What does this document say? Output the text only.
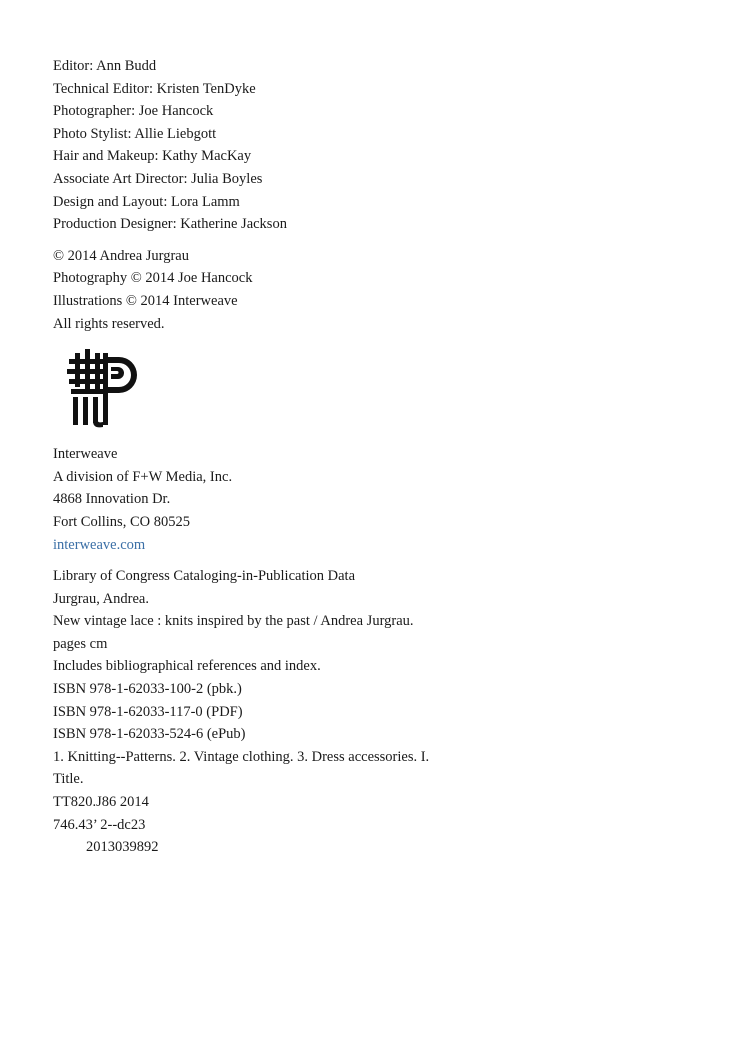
Editor: Ann Budd
Technical Editor: Kristen TenDyke
Photographer: Joe Hancock
Photo Stylist: Allie Liebgott
Hair and Makeup: Kathy MacKay
Associate Art Director: Julia Boyles
Design and Layout: Lora Lamm
Production Designer: Katherine Jackson
© 2014 Andrea Jurgrau
Photography © 2014 Joe Hancock
Illustrations © 2014 Interweave
All rights reserved.
Interweave
A division of F+W Media, Inc.
4868 Innovation Dr.
Fort Collins, CO 80525
interweave.com
Library of Congress Cataloging-in-Publication Data
Jurgrau, Andrea.
New vintage lace : knits inspired by the past / Andrea Jurgrau.
pages cm
Includes bibliographical references and index.
ISBN 978-1-62033-100-2 (pbk.)
ISBN 978-1-62033-117-0 (PDF)
ISBN 978-1-62033-524-6 (ePub)
1. Knitting--Patterns. 2. Vintage clothing. 3. Dress accessories. I.
Title.
TT820.J86 2014
746.43’ 2--dc23
2013039892
